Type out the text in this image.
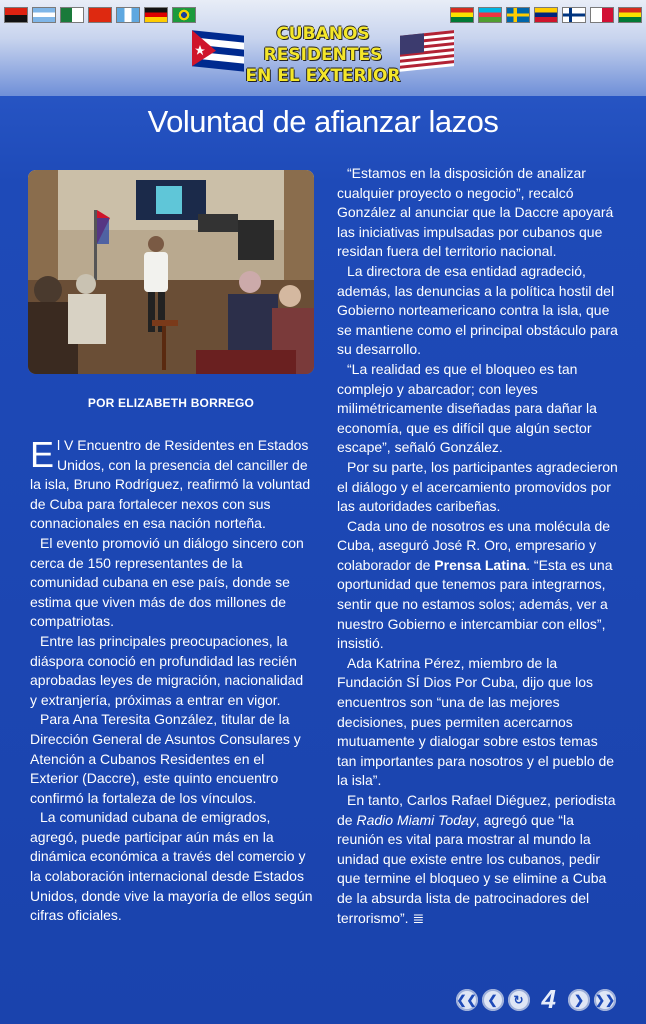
CUBANOS
RESIDENTES
EN EL EXTERIOR
Voluntad de afianzar lazos
POR ELIZABETH BORREGO

El V Encuentro de Residentes en Estados Unidos, con la presencia del canciller de la isla, Bruno Rodríguez, reafirmó la voluntad de Cuba para fortalecer nexos con sus connacionales en esa nación norteña.

El evento promovió un diálogo sincero con cerca de 150 representantes de la comunidad cubana en ese país, donde se estima que viven más de dos millones de compatriotas.

Entre las principales preocupaciones, la diáspora conoció en profundidad las recién aprobadas leyes de migración, nacionalidad y extranjería, próximas a entrar en vigor.

Para Ana Teresita González, titular de la Dirección General de Asuntos Consulares y Atención a Cubanos Residentes en el Exterior (Daccre), este quinto encuentro confirmó la fortaleza de los vínculos.

La comunidad cubana de emigrados, agregó, puede participar aún más en la dinámica económica a través del comercio y la colaboración internacional desde Estados Unidos, donde vive la mayoría de ellos según cifras oficiales.

“Estamos en la disposición de analizar cualquier proyecto o negocio”, recalcó González al anunciar que la Daccre apoyará las iniciativas impulsadas por cubanos que residan fuera del territorio nacional.

La directora de esa entidad agradeció, además, las denuncias a la política hostil del Gobierno norteamericano contra la isla, que se mantiene como el principal obstáculo para su desarrollo.

“La realidad es que el bloqueo es tan complejo y abarcador; con leyes milimétricamente diseñadas para dañar la economía, que es difícil que algún sector escape”, señaló González.

Por su parte, los participantes agradecieron el diálogo y el acercamiento promovidos por las autoridades caribeñas.

Cada uno de nosotros es una molécula de Cuba, aseguró José R. Oro, empresario y colaborador de Prensa Latina. “Esta es una oportunidad que tenemos para integrarnos, sentir que no estamos solos; además, ver a nuestro Gobierno e intercambiar con ellos”, insistió.

Ada Katrina Pérez, miembro de la Fundación SÍ Dios Por Cuba, dijo que los encuentros son “una de las mejores decisiones, pues permiten acercarnos mutuamente y dialogar sobre estos temas tan importantes para nosotros y el pueblo de la isla”.

En tanto, Carlos Rafael Diéguez, periodista de Radio Miami Today, agregó que “la reunión es vital para mostrar al mundo la unidad que existe entre los cubanos, pedir que termine el bloqueo y se elimine a Cuba de la absurda lista de patrocinadores del terrorismo”. ≣

❮❮ ❮	↻ 4	❯ ❯❯
